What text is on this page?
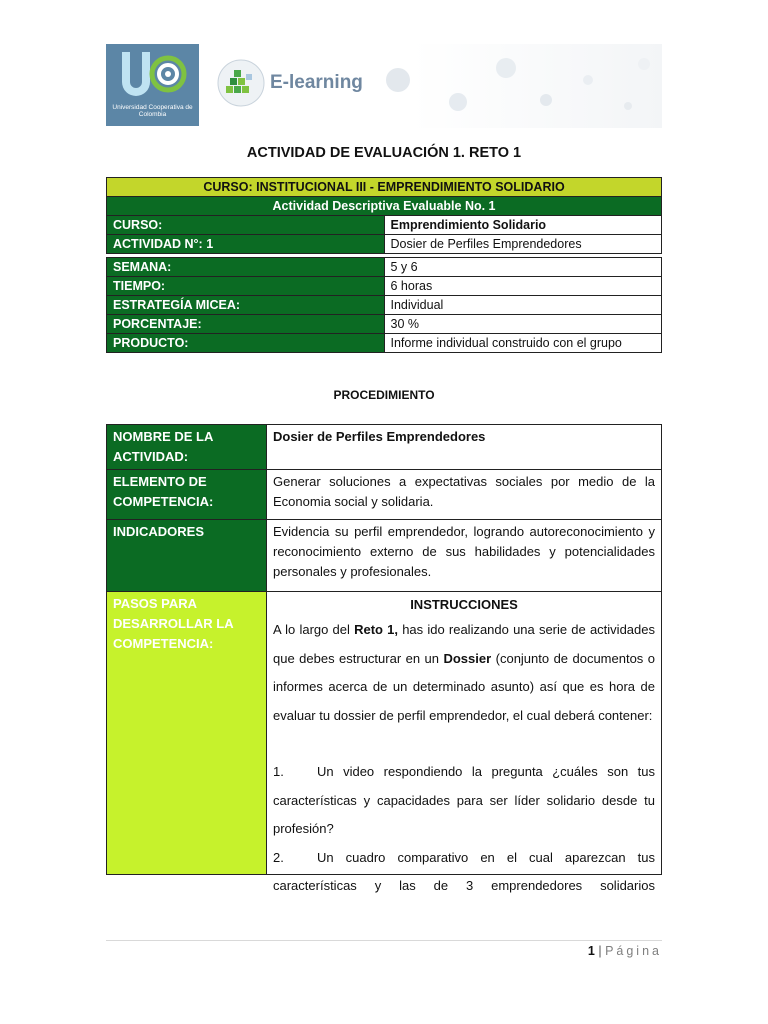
Universidad Cooperativa de Colombia
E-learning
ACTIVIDAD DE EVALUACIÓN 1. RETO 1
CURSO: INSTITUCIONAL III - EMPRENDIMIENTO SOLIDARIO	
Actividad Descriptiva Evaluable No. 1	
CURSO:	Emprendimiento Solidario
ACTIVIDAD N°: 1	Dosier de Perfiles Emprendedores

SEMANA:	5 y 6
TIEMPO:	6 horas
ESTRATEGÍA MICEA:	Individual
PORCENTAJE:	30 %
PRODUCTO:	Informe individual construido con el grupo
PROCEDIMIENTO
NOMBRE DE LA ACTIVIDAD:	Dosier de Perfiles Emprendedores
ELEMENTO DE COMPETENCIA:	Generar soluciones a expectativas sociales por medio de la Economia social y solidaria.
INDICADORES	Evidencia su perfil emprendedor, logrando autoreconocimiento y reconocimiento externo de sus habilidades y potencialidades personales y profesionales.
PASOS PARA DESARROLLAR LA COMPETENCIA:	INSTRUCCIONES

A lo largo del Reto 1, has ido realizando una serie de actividades que debes estructurar en un Dossier (conjunto de documentos o informes acerca de un determinado asunto) así que es hora de evaluar tu dossier de perfil emprendedor, el cual deberá contener:

1. Un video respondiendo la pregunta ¿cuáles son tus características y capacidades para ser líder solidario desde tu profesión?

2. Un cuadro comparativo en el cual aparezcan tus características y las de 3 emprendedores solidarios

1 | Página
